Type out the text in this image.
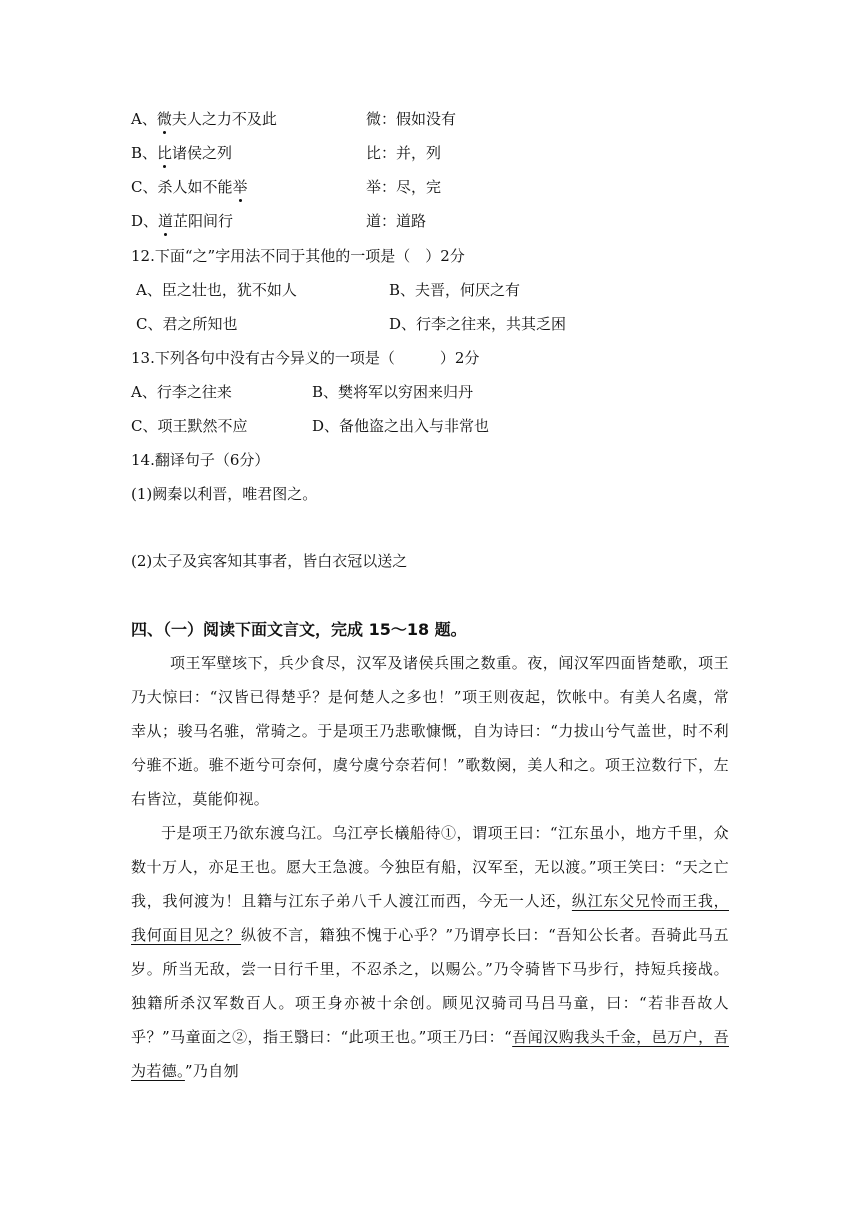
A、微夫人之力不及此	微：假如没有
B、比诸侯之列	比：并，列
C、杀人如不能举	举：尽，完
D、道芷阳间行	道：道路
12.下面“之”字用法不同于其他的一项是（　）2分
A、臣之壮也，犹不如人	B、夫晋，何厌之有
C、君之所知也	D、行李之往来，共其乏困
13.下列各句中没有古今异义的一项是（　　　）2分
A、行李之往来	B、樊将军以穷困来归丹
C、项王默然不应	D、备他盗之出入与非常也
14.翻译句子（6分）
(1)阙秦以利晋，唯君图之。
(2)太子及宾客知其事者，皆白衣冠以送之
四、（一）阅读下面文言文，完成 15～18 题。

项王军壁垓下，兵少食尽，汉军及诸侯兵围之数重。夜，闻汉军四面皆楚歌，项王乃大惊曰：“汉皆已得楚乎？是何楚人之多也！”项王则夜起，饮帐中。有美人名虞，常幸从；骏马名骓，常骑之。于是项王乃悲歌慷慨，自为诗曰：“力拔山兮气盖世，时不利兮骓不逝。骓不逝兮可奈何，虞兮虞兮奈若何！”歌数阕，美人和之。项王泣数行下，左右皆泣，莫能仰视。

于是项王乃欲东渡乌江。乌江亭长檥船待①，谓项王曰：“江东虽小，地方千里，众数十万人，亦足王也。愿大王急渡。今独臣有船，汉军至，无以渡。”项王笑曰：“天之亡我，我何渡为！且籍与江东子弟八千人渡江而西，今无一人还，纵江东父兄怜而王我，我何面目见之？纵彼不言，籍独不愧于心乎？”乃谓亭长曰：“吾知公长者。吾骑此马五岁。所当无敌，尝一日行千里，不忍杀之，以赐公。”乃令骑皆下马步行，持短兵接战。独籍所杀汉军数百人。项王身亦被十余创。顾见汉骑司马吕马童，曰：“若非吾故人乎？”马童面之②，指王翳曰：“此项王也。”项王乃曰：“吾闻汉购我头千金，邑万户，吾为若德。”乃自刎
